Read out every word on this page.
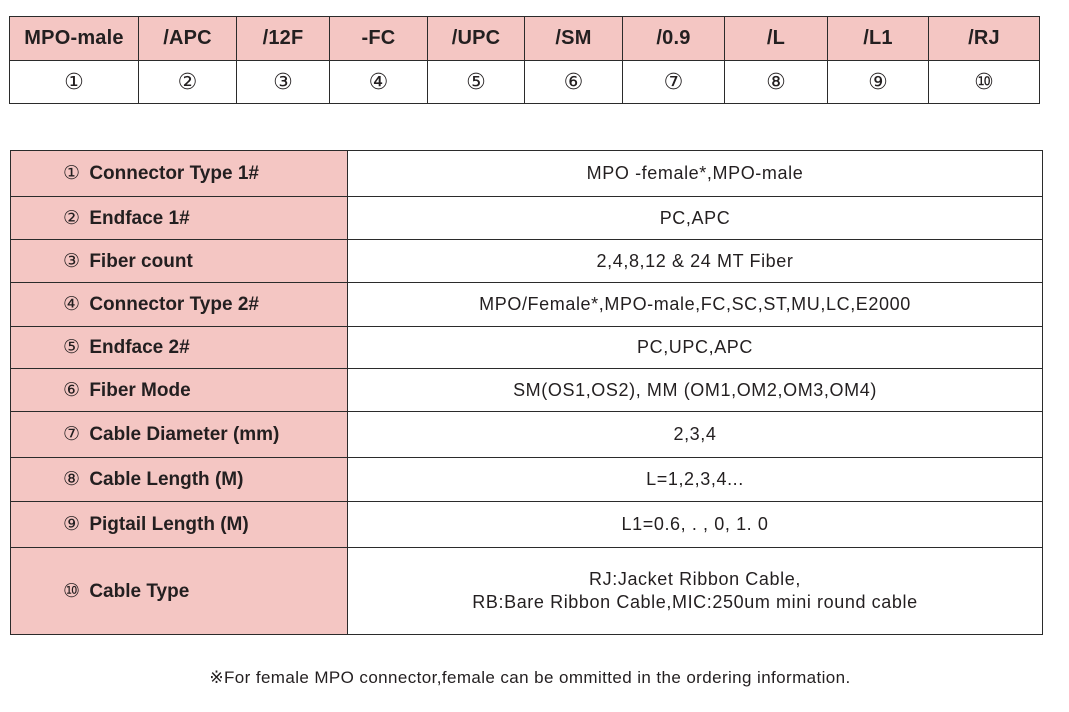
MPO-male	/APC	/12F	-FC	/UPC	/SM	/0.9	/L	/L1	/RJ
①	②	③	④	⑤	⑥	⑦	⑧	⑨	⑩
① Connector Type 1#	MPO -female*,MPO-male

② Endface 1#	PC,APC

③ Fiber count	2,4,8,12 & 24 MT Fiber

④ Connector Type 2#	MPO/Female*,MPO-male,FC,SC,ST,MU,LC,E2000

⑤ Endface 2#	PC,UPC,APC

⑥ Fiber Mode	SM(OS1,OS2), MM (OM1,OM2,OM3,OM4)

⑦ Cable Diameter (mm)	2,3,4

⑧ Cable Length (M)	L=1,2,3,4...

⑨ Pigtail Length (M)	L1=0.6, . , 0, 1. 0

⑩ Cable Type	RJ:Jacket Ribbon Cable,
RB:Bare Ribbon Cable,MIC:250um mini round cable
※For female MPO connector,female can be ommitted in the ordering information.
